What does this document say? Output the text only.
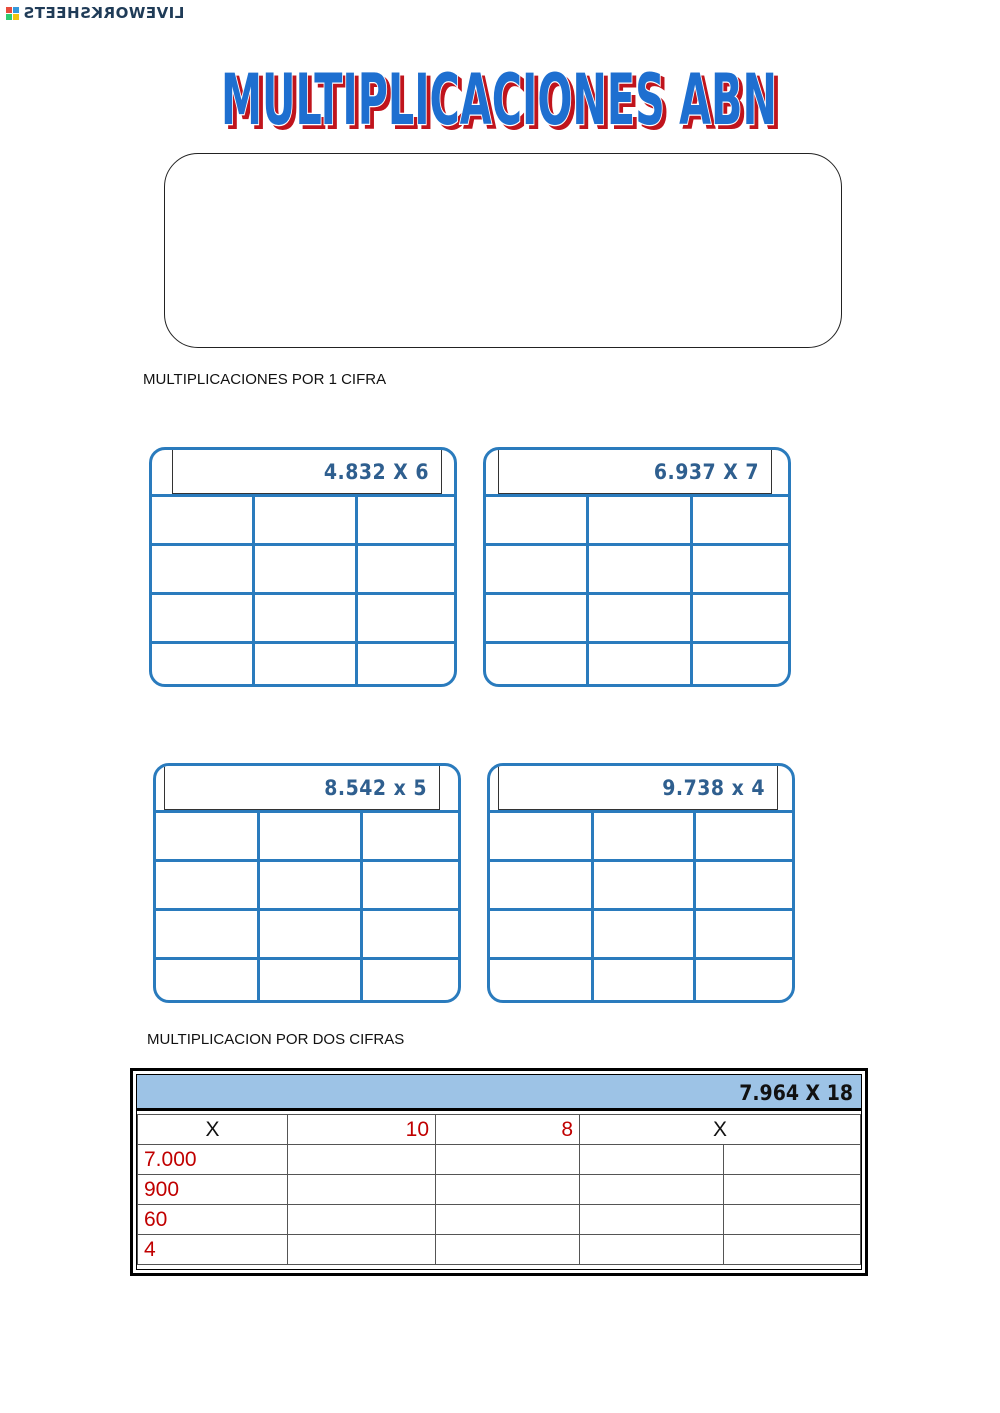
LIVEWORKSHEETS
MULTIPLICACIONES ABN
MULTIPLICACIONES ABN
MULTIPLICACIONES POR 1 CIFRA
4.832 X 6	6.937 X 7
8.542 x 5	9.738 x 4
MULTIPLICACION POR DOS CIFRAS
7.964 X 18
X	10	8	X	
7.000				
900				
60				
4				
